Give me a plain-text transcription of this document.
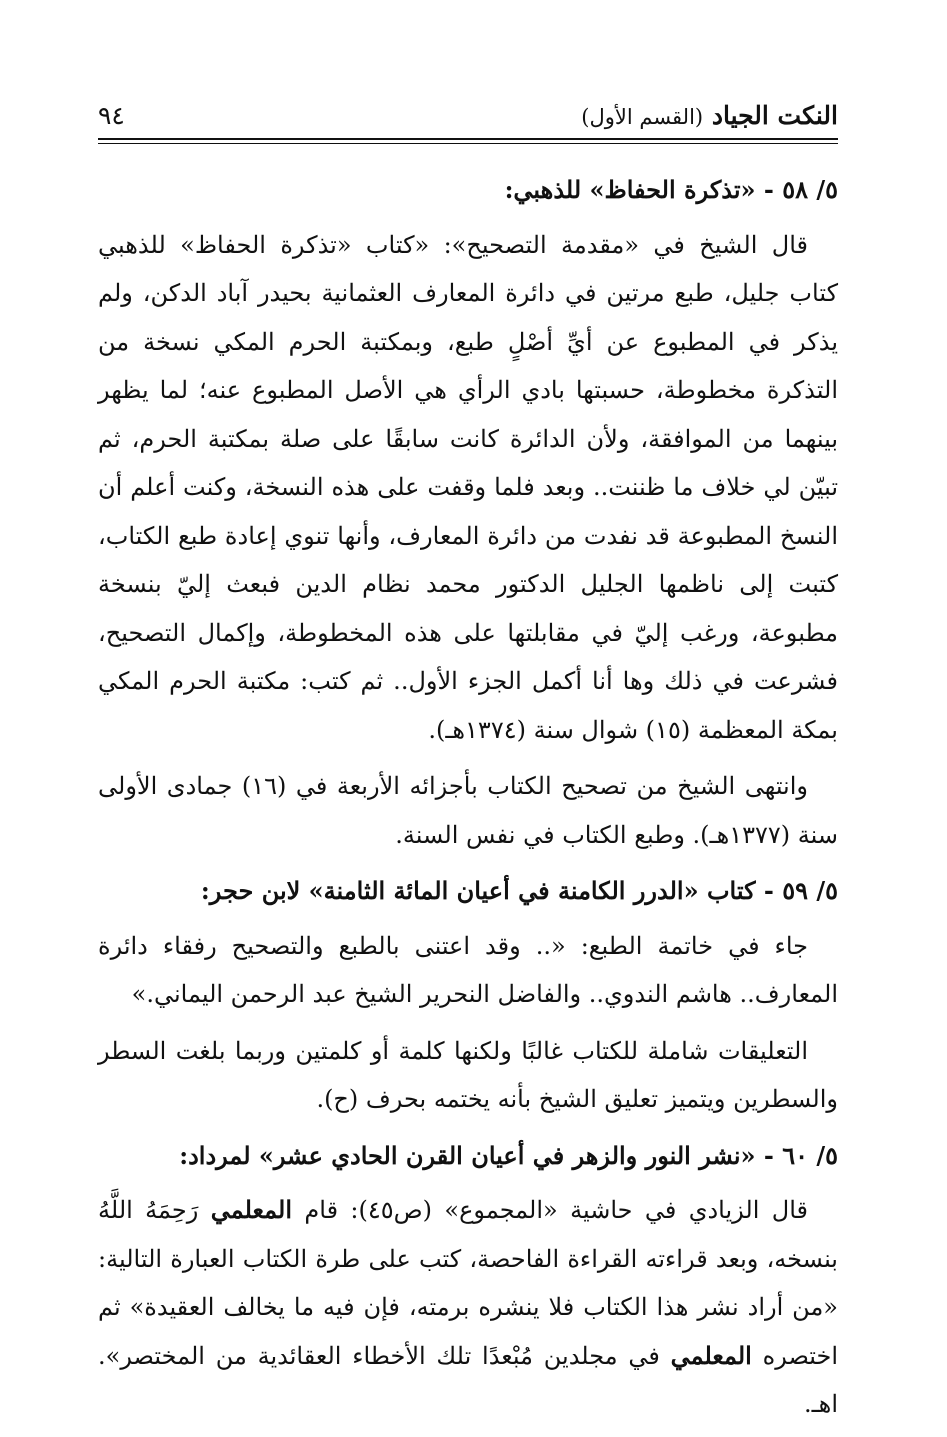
النكت الجياد (القسم الأول)
٩٤
٥/ ٥٨ - «تذكرة الحفاظ» للذهبي:

قال الشيخ في «مقدمة التصحيح»: «كتاب «تذكرة الحفاظ» للذهبي كتاب جليل، طبع مرتين في دائرة المعارف العثمانية بحيدر آباد الدكن، ولم يذكر في المطبوع عن أيِّ أصْلٍ طبع، وبمكتبة الحرم المكي نسخة من التذكرة مخطوطة، حسبتها بادي الرأي هي الأصل المطبوع عنه؛ لما يظهر بينهما من الموافقة، ولأن الدائرة كانت سابقًا على صلة بمكتبة الحرم، ثم تبيّن لي خلاف ما ظننت.. وبعد فلما وقفت على هذه النسخة، وكنت أعلم أن النسخ المطبوعة قد نفدت من دائرة المعارف، وأنها تنوي إعادة طبع الكتاب، كتبت إلى ناظمها الجليل الدكتور محمد نظام الدين فبعث إليّ بنسخة مطبوعة، ورغب إليّ في مقابلتها على هذه المخطوطة، وإكمال التصحيح، فشرعت في ذلك وها أنا أكمل الجزء الأول.. ثم كتب: مكتبة الحرم المكي بمكة المعظمة (١٥) شوال سنة (١٣٧٤هـ).

وانتهى الشيخ من تصحيح الكتاب بأجزائه الأربعة في (١٦) جمادى الأولى سنة (١٣٧٧هـ). وطبع الكتاب في نفس السنة.

٥/ ٥٩ - كتاب «الدرر الكامنة في أعيان المائة الثامنة» لابن حجر:

جاء في خاتمة الطبع: «.. وقد اعتنى بالطبع والتصحيح رفقاء دائرة المعارف.. هاشم الندوي.. والفاضل النحرير الشيخ عبد الرحمن اليماني.»

التعليقات شاملة للكتاب غالبًا ولكنها كلمة أو كلمتين وربما بلغت السطر والسطرين ويتميز تعليق الشيخ بأنه يختمه بحرف (ح).

٥/ ٦٠ - «نشر النور والزهر في أعيان القرن الحادي عشر» لمرداد:

قال الزيادي في حاشية «المجموع» (ص٤٥): قام المعلمي رَحِمَهُ اللَّهُ بنسخه، وبعد قراءته القراءة الفاحصة، كتب على طرة الكتاب العبارة التالية: «من أراد نشر هذا الكتاب فلا ينشره برمته، فإن فيه ما يخالف العقيدة» ثم اختصره المعلمي في مجلدين مُبْعدًا تلك الأخطاء العقائدية من المختصر». اهـ.
